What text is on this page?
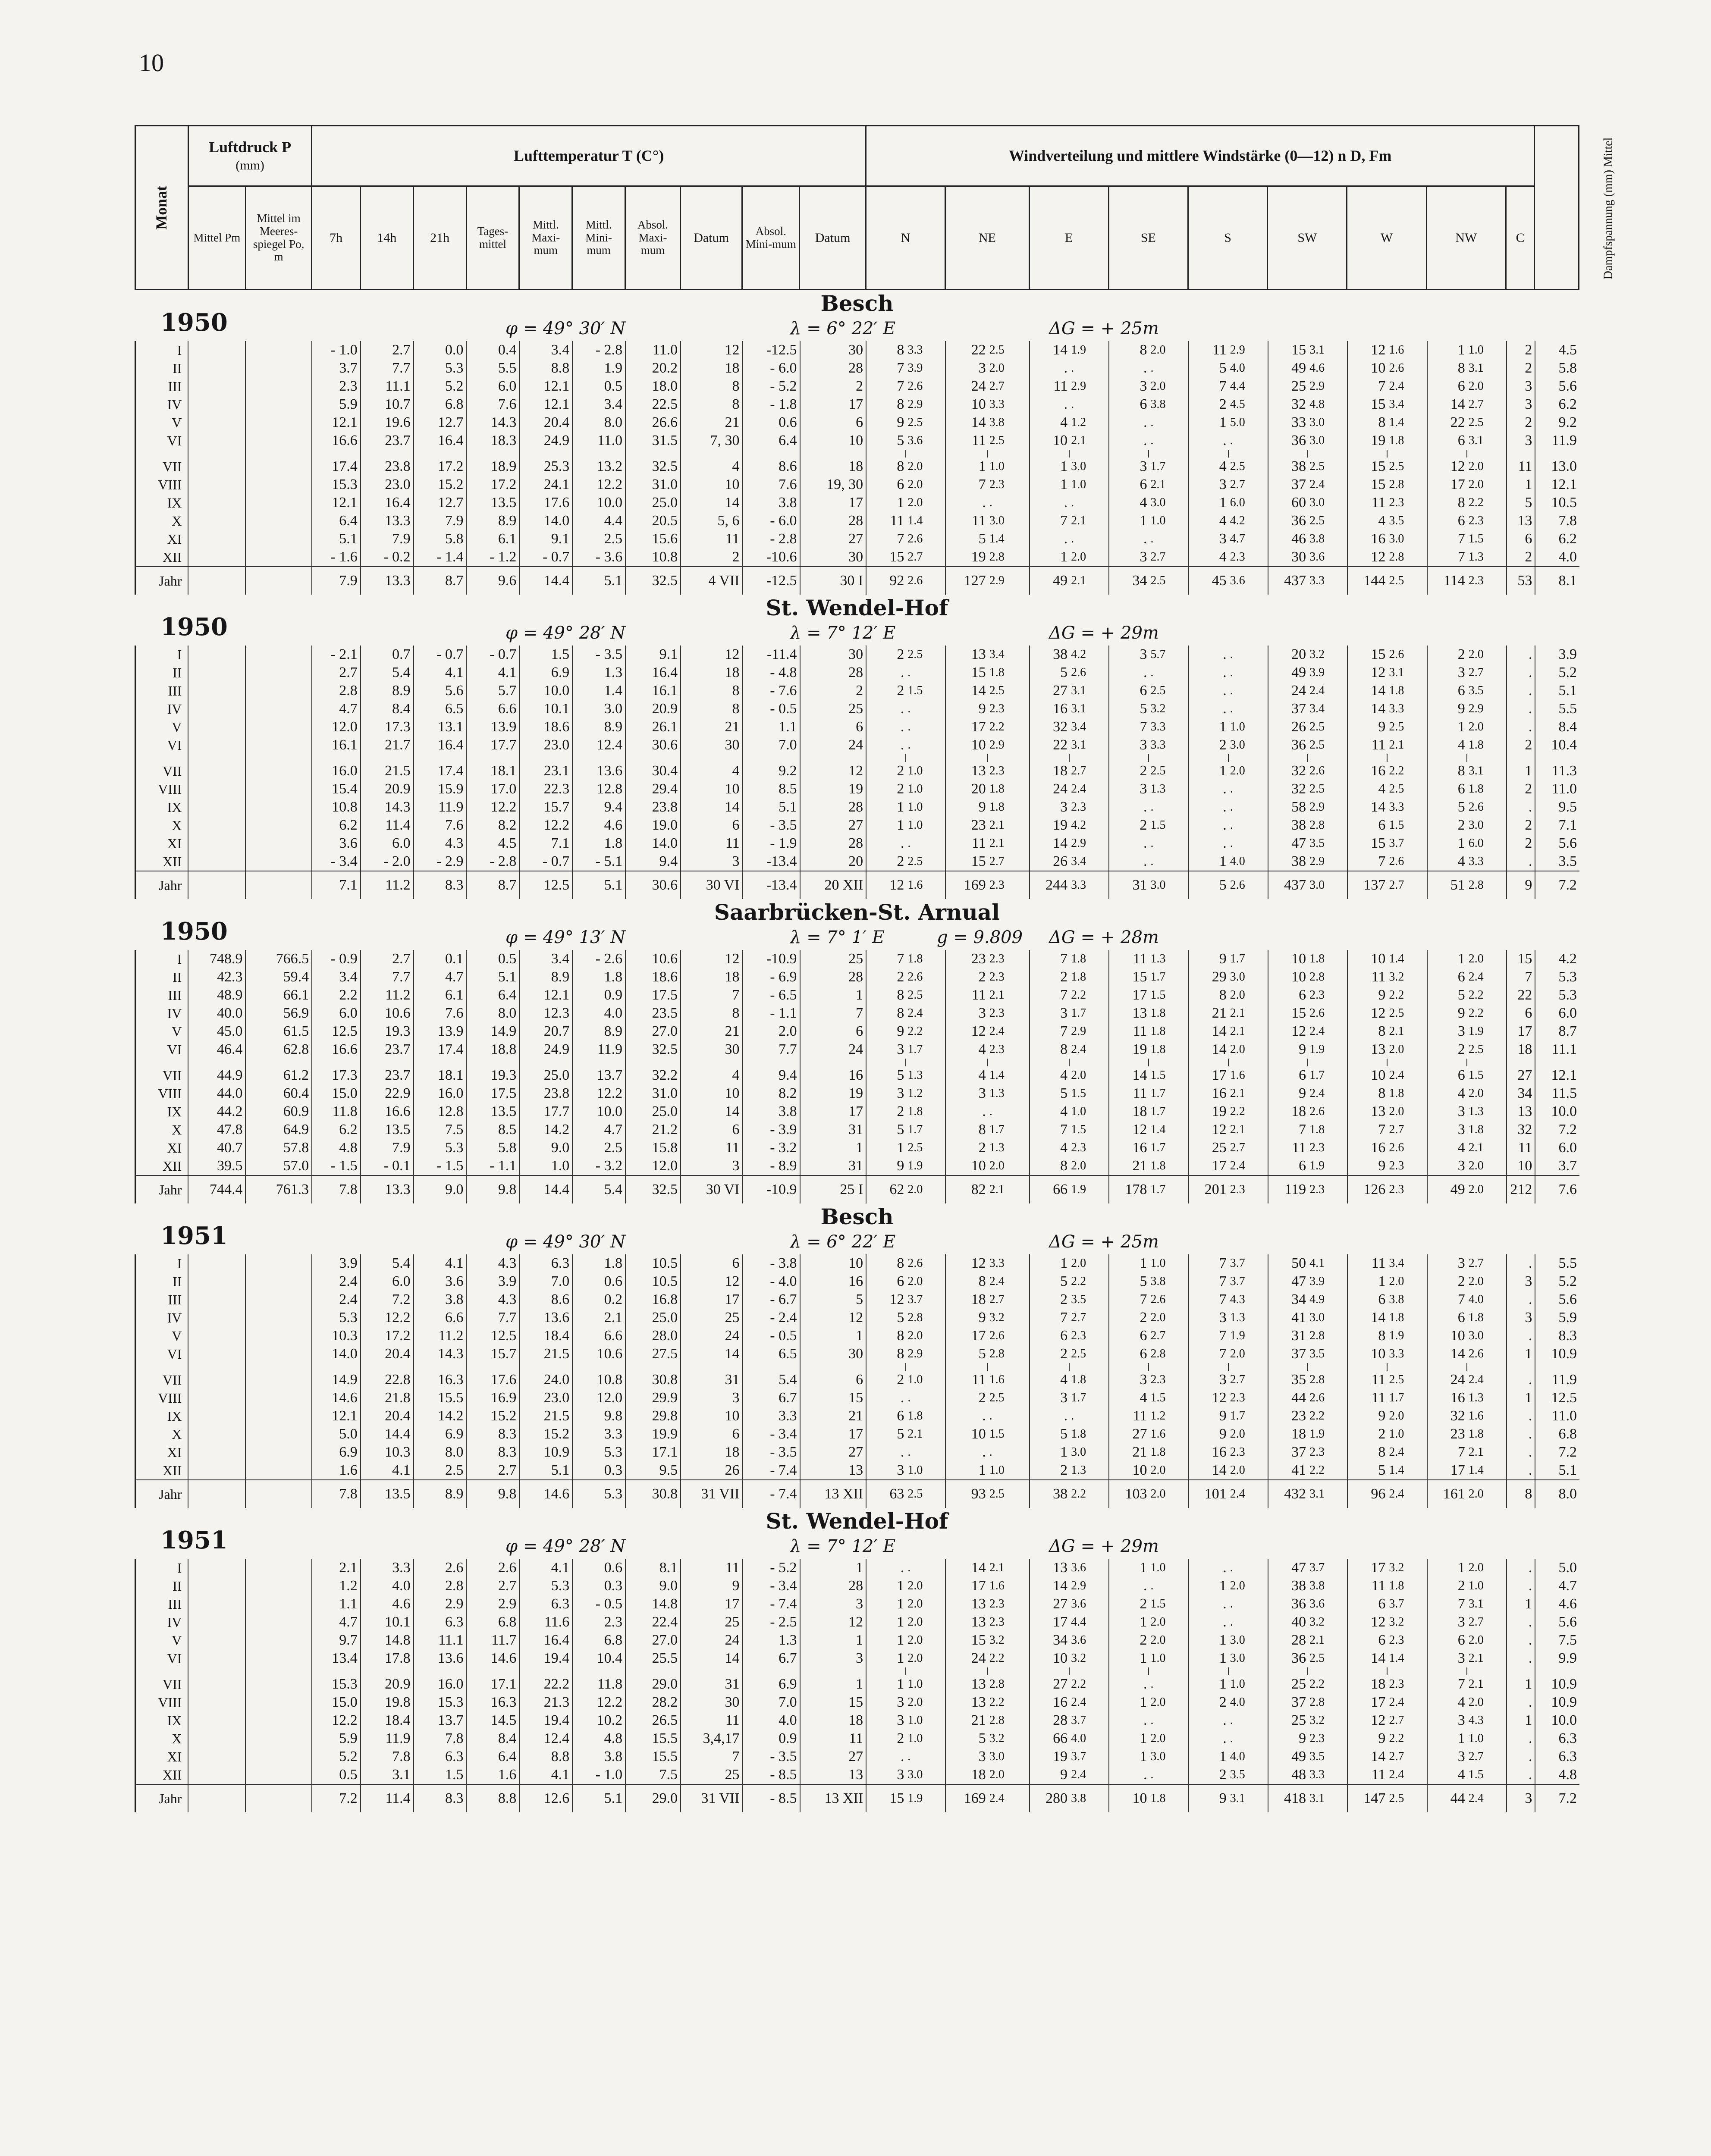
10
Monat	Luftdruck P
(mm)		Lufttemperatur T (C°)										Windverteilung und mittlere Windstärke (0—12) n D, Fm									Dampfspannung (mm) Mittel
	Mittel Pm	Mittel im Meeres-spiegel Po, m	7h	14h	21h	Tages-mittel	Mittl. Maxi-mum	Mittl. Mini-mum	Absol. Maxi-mum	Datum	Absol. Mini-mum	Datum	N	NE	E	SE	S	SW	W	NW	C	
Besch
1950	φ = 49° 30′ N	λ = 6° 22′ E	ΔG = + 25m
I			- 1.0	2.7	0.0	0.4	3.4	- 2.8	11.0	12	-12.5	30	8	3.3	22	2.5	14	1.9	8	2.0	11	2.9	15	3.1	12	1.6	1	1.0	2	4.5
II			3.7	7.7	5.3	5.5	8.8	1.9	20.2	18	- 6.0	28	7	3.9	3	2.0	.	.	.	.	5	4.0	49	4.6	10	2.6	8	3.1	2	5.8
III			2.3	11.1	5.2	6.0	12.1	0.5	18.0	8	- 5.2	2	7	2.6	24	2.7	11	2.9	3	2.0	7	4.4	25	2.9	7	2.4	6	2.0	3	5.6
IV			5.9	10.7	6.8	7.6	12.1	3.4	22.5	8	- 1.8	17	8	2.9	10	3.3	.	.	6	3.8	2	4.5	32	4.8	15	3.4	14	2.7	3	6.2
V			12.1	19.6	12.7	14.3	20.4	8.0	26.6	21	0.6	6	9	2.5	14	3.8	4	1.2	.	.	1	5.0	33	3.0	8	1.4	22	2.5	2	9.2
VI			16.6	23.7	16.4	18.3	24.9	11.0	31.5	7, 30	6.4	10	5	3.6	11	2.5	10	2.1	.	.	.	.	36	3.0	19	1.8	6	3.1	3	11.9

VII			17.4	23.8	17.2	18.9	25.3	13.2	32.5	4	8.6	18	8	2.0	1	1.0	1	3.0	3	1.7	4	2.5	38	2.5	15	2.5	12	2.0	11	13.0
VIII			15.3	23.0	15.2	17.2	24.1	12.2	31.0	10	7.6	19, 30	6	2.0	7	2.3	1	1.0	6	2.1	3	2.7	37	2.4	15	2.8	17	2.0	1	12.1
IX			12.1	16.4	12.7	13.5	17.6	10.0	25.0	14	3.8	17	1	2.0	.	.	.	.	4	3.0	1	6.0	60	3.0	11	2.3	8	2.2	5	10.5
X			6.4	13.3	7.9	8.9	14.0	4.4	20.5	5, 6	- 6.0	28	11	1.4	11	3.0	7	2.1	1	1.0	4	4.2	36	2.5	4	3.5	6	2.3	13	7.8
XI			5.1	7.9	5.8	6.1	9.1	2.5	15.6	11	- 2.8	27	7	2.6	5	1.4	.	.	.	.	3	4.7	46	3.8	16	3.0	7	1.5	6	6.2
XII			- 1.6	- 0.2	- 1.4	- 1.2	- 0.7	- 3.6	10.8	2	-10.6	30	15	2.7	19	2.8	1	2.0	3	2.7	4	2.3	30	3.6	12	2.8	7	1.3	2	4.0
Jahr			7.9	13.3	8.7	9.6	14.4	5.1	32.5	4 VII	-12.5	30 I	92	2.6	127	2.9	49	2.1	34	2.5	45	3.6	437	3.3	144	2.5	114	2.3	53	8.1
St. Wendel-Hof
1950	φ = 49° 28′ N	λ = 7° 12′ E	ΔG = + 29m
I			- 2.1	0.7	- 0.7	- 0.7	1.5	- 3.5	9.1	12	-11.4	30	2	2.5	13	3.4	38	4.2	3	5.7	.	.	20	3.2	15	2.6	2	2.0	.	3.9
II			2.7	5.4	4.1	4.1	6.9	1.3	16.4	18	- 4.8	28	.	.	15	1.8	5	2.6	.	.	.	.	49	3.9	12	3.1	3	2.7	.	5.2
III			2.8	8.9	5.6	5.7	10.0	1.4	16.1	8	- 7.6	2	2	1.5	14	2.5	27	3.1	6	2.5	.	.	24	2.4	14	1.8	6	3.5	.	5.1
IV			4.7	8.4	6.5	6.6	10.1	3.0	20.9	8	- 0.5	25	.	.	9	2.3	16	3.1	5	3.2	.	.	37	3.4	14	3.3	9	2.9	.	5.5
V			12.0	17.3	13.1	13.9	18.6	8.9	26.1	21	1.1	6	.	.	17	2.2	32	3.4	7	3.3	1	1.0	26	2.5	9	2.5	1	2.0	.	8.4
VI			16.1	21.7	16.4	17.7	23.0	12.4	30.6	30	7.0	24	.	.	10	2.9	22	3.1	3	3.3	2	3.0	36	2.5	11	2.1	4	1.8	2	10.4

VII			16.0	21.5	17.4	18.1	23.1	13.6	30.4	4	9.2	12	2	1.0	13	2.3	18	2.7	2	2.5	1	2.0	32	2.6	16	2.2	8	3.1	1	11.3
VIII			15.4	20.9	15.9	17.0	22.3	12.8	29.4	10	8.5	19	2	1.0	20	1.8	24	2.4	3	1.3	.	.	32	2.5	4	2.5	6	1.8	2	11.0
IX			10.8	14.3	11.9	12.2	15.7	9.4	23.8	14	5.1	28	1	1.0	9	1.8	3	2.3	.	.	.	.	58	2.9	14	3.3	5	2.6	.	9.5
X			6.2	11.4	7.6	8.2	12.2	4.6	19.0	6	- 3.5	27	1	1.0	23	2.1	19	4.2	2	1.5	.	.	38	2.8	6	1.5	2	3.0	2	7.1
XI			3.6	6.0	4.3	4.5	7.1	1.8	14.0	11	- 1.9	28	.	.	11	2.1	14	2.9	.	.	.	.	47	3.5	15	3.7	1	6.0	2	5.6
XII			- 3.4	- 2.0	- 2.9	- 2.8	- 0.7	- 5.1	9.4	3	-13.4	20	2	2.5	15	2.7	26	3.4	.	.	1	4.0	38	2.9	7	2.6	4	3.3	.	3.5
Jahr			7.1	11.2	8.3	8.7	12.5	5.1	30.6	30 VI	-13.4	20 XII	12	1.6	169	2.3	244	3.3	31	3.0	5	2.6	437	3.0	137	2.7	51	2.8	9	7.2
Saarbrücken-St. Arnual
1950	φ = 49° 13′ N	λ = 7° 1′ E	g = 9.809 ΔG = + 28m
I	748.9	766.5	- 0.9	2.7	0.1	0.5	3.4	- 2.6	10.6	12	-10.9	25	7	1.8	23	2.3	7	1.8	11	1.3	9	1.7	10	1.8	10	1.4	1	2.0	15	4.2
II	42.3	59.4	3.4	7.7	4.7	5.1	8.9	1.8	18.6	18	- 6.9	28	2	2.6	2	2.3	2	1.8	15	1.7	29	3.0	10	2.8	11	3.2	6	2.4	7	5.3
III	48.9	66.1	2.2	11.2	6.1	6.4	12.1	0.9	17.5	7	- 6.5	1	8	2.5	11	2.1	7	2.2	17	1.5	8	2.0	6	2.3	9	2.2	5	2.2	22	5.3
IV	40.0	56.9	6.0	10.6	7.6	8.0	12.3	4.0	23.5	8	- 1.1	7	8	2.4	3	2.3	3	1.7	13	1.8	21	2.1	15	2.6	12	2.5	9	2.2	6	6.0
V	45.0	61.5	12.5	19.3	13.9	14.9	20.7	8.9	27.0	21	2.0	6	9	2.2	12	2.4	7	2.9	11	1.8	14	2.1	12	2.4	8	2.1	3	1.9	17	8.7
VI	46.4	62.8	16.6	23.7	17.4	18.8	24.9	11.9	32.5	30	7.7	24	3	1.7	4	2.3	8	2.4	19	1.8	14	2.0	9	1.9	13	2.0	2	2.5	18	11.1

VII	44.9	61.2	17.3	23.7	18.1	19.3	25.0	13.7	32.2	4	9.4	16	5	1.3	4	1.4	4	2.0	14	1.5	17	1.6	6	1.7	10	2.4	6	1.5	27	12.1
VIII	44.0	60.4	15.0	22.9	16.0	17.5	23.8	12.2	31.0	10	8.2	19	3	1.2	3	1.3	5	1.5	11	1.7	16	2.1	9	2.4	8	1.8	4	2.0	34	11.5
IX	44.2	60.9	11.8	16.6	12.8	13.5	17.7	10.0	25.0	14	3.8	17	2	1.8	.	.	4	1.0	18	1.7	19	2.2	18	2.6	13	2.0	3	1.3	13	10.0
X	47.8	64.9	6.2	13.5	7.5	8.5	14.2	4.7	21.2	6	- 3.9	31	5	1.7	8	1.7	7	1.5	12	1.4	12	2.1	7	1.8	7	2.7	3	1.8	32	7.2
XI	40.7	57.8	4.8	7.9	5.3	5.8	9.0	2.5	15.8	11	- 3.2	1	1	2.5	2	1.3	4	2.3	16	1.7	25	2.7	11	2.3	16	2.6	4	2.1	11	6.0
XII	39.5	57.0	- 1.5	- 0.1	- 1.5	- 1.1	1.0	- 3.2	12.0	3	- 8.9	31	9	1.9	10	2.0	8	2.0	21	1.8	17	2.4	6	1.9	9	2.3	3	2.0	10	3.7
Jahr	744.4	761.3	7.8	13.3	9.0	9.8	14.4	5.4	32.5	30 VI	-10.9	25 I	62	2.0	82	2.1	66	1.9	178	1.7	201	2.3	119	2.3	126	2.3	49	2.0	212	7.6
Besch
1951	φ = 49° 30′ N	λ = 6° 22′ E	ΔG = + 25m
I			3.9	5.4	4.1	4.3	6.3	1.8	10.5	6	- 3.8	10	8	2.6	12	3.3	1	2.0	1	1.0	7	3.7	50	4.1	11	3.4	3	2.7	.	5.5
II			2.4	6.0	3.6	3.9	7.0	0.6	10.5	12	- 4.0	16	6	2.0	8	2.4	5	2.2	5	3.8	7	3.7	47	3.9	1	2.0	2	2.0	3	5.2
III			2.4	7.2	3.8	4.3	8.6	0.2	16.8	17	- 6.7	5	12	3.7	18	2.7	2	3.5	7	2.6	7	4.3	34	4.9	6	3.8	7	4.0	.	5.6
IV			5.3	12.2	6.6	7.7	13.6	2.1	25.0	25	- 2.4	12	5	2.8	9	3.2	7	2.7	2	2.0	3	1.3	41	3.0	14	1.8	6	1.8	3	5.9
V			10.3	17.2	11.2	12.5	18.4	6.6	28.0	24	- 0.5	1	8	2.0	17	2.6	6	2.3	6	2.7	7	1.9	31	2.8	8	1.9	10	3.0	.	8.3
VI			14.0	20.4	14.3	15.7	21.5	10.6	27.5	14	6.5	30	8	2.9	5	2.8	2	2.5	6	2.8	7	2.0	37	3.5	10	3.3	14	2.6	1	10.9

VII			14.9	22.8	16.3	17.6	24.0	10.8	30.8	31	5.4	6	2	1.0	11	1.6	4	1.8	3	2.3	3	2.7	35	2.8	11	2.5	24	2.4	.	11.9
VIII			14.6	21.8	15.5	16.9	23.0	12.0	29.9	3	6.7	15	.	.	2	2.5	3	1.7	4	1.5	12	2.3	44	2.6	11	1.7	16	1.3	1	12.5
IX			12.1	20.4	14.2	15.2	21.5	9.8	29.8	10	3.3	21	6	1.8	.	.	.	.	11	1.2	9	1.7	23	2.2	9	2.0	32	1.6	.	11.0
X			5.0	14.4	6.9	8.3	15.2	3.3	19.9	6	- 3.4	17	5	2.1	10	1.5	5	1.8	27	1.6	9	2.0	18	1.9	2	1.0	23	1.8	.	6.8
XI			6.9	10.3	8.0	8.3	10.9	5.3	17.1	18	- 3.5	27	.	.	.	.	1	3.0	21	1.8	16	2.3	37	2.3	8	2.4	7	2.1	.	7.2
XII			1.6	4.1	2.5	2.7	5.1	0.3	9.5	26	- 7.4	13	3	1.0	1	1.0	2	1.3	10	2.0	14	2.0	41	2.2	5	1.4	17	1.4	.	5.1
Jahr			7.8	13.5	8.9	9.8	14.6	5.3	30.8	31 VII	- 7.4	13 XII	63	2.5	93	2.5	38	2.2	103	2.0	101	2.4	432	3.1	96	2.4	161	2.0	8	8.0
St. Wendel-Hof
1951	φ = 49° 28′ N	λ = 7° 12′ E	ΔG = + 29m
I			2.1	3.3	2.6	2.6	4.1	0.6	8.1	11	- 5.2	1	.	.	14	2.1	13	3.6	1	1.0	.	.	47	3.7	17	3.2	1	2.0	.	5.0
II			1.2	4.0	2.8	2.7	5.3	0.3	9.0	9	- 3.4	28	1	2.0	17	1.6	14	2.9	.	.	1	2.0	38	3.8	11	1.8	2	1.0	.	4.7
III			1.1	4.6	2.9	2.9	6.3	- 0.5	14.8	17	- 7.4	3	1	2.0	13	2.3	27	3.6	2	1.5	.	.	36	3.6	6	3.7	7	3.1	1	4.6
IV			4.7	10.1	6.3	6.8	11.6	2.3	22.4	25	- 2.5	12	1	2.0	13	2.3	17	4.4	1	2.0	.	.	40	3.2	12	3.2	3	2.7	.	5.6
V			9.7	14.8	11.1	11.7	16.4	6.8	27.0	24	1.3	1	1	2.0	15	3.2	34	3.6	2	2.0	1	3.0	28	2.1	6	2.3	6	2.0	.	7.5
VI			13.4	17.8	13.6	14.6	19.4	10.4	25.5	14	6.7	3	1	2.0	24	2.2	10	3.2	1	1.0	1	3.0	36	2.5	14	1.4	3	2.1	.	9.9

VII			15.3	20.9	16.0	17.1	22.2	11.8	29.0	31	6.9	1	1	1.0	13	2.8	27	2.2	.	.	1	1.0	25	2.2	18	2.3	7	2.1	1	10.9
VIII			15.0	19.8	15.3	16.3	21.3	12.2	28.2	30	7.0	15	3	2.0	13	2.2	16	2.4	1	2.0	2	4.0	37	2.8	17	2.4	4	2.0	.	10.9
IX			12.2	18.4	13.7	14.5	19.4	10.2	26.5	11	4.0	18	3	1.0	21	2.8	28	3.7	.	.	.	.	25	3.2	12	2.7	3	4.3	1	10.0
X			5.9	11.9	7.8	8.4	12.4	4.8	15.5	3,4,17	0.9	11	2	1.0	5	3.2	66	4.0	1	2.0	.	.	9	2.3	9	2.2	1	1.0	.	6.3
XI			5.2	7.8	6.3	6.4	8.8	3.8	15.5	7	- 3.5	27	.	.	3	3.0	19	3.7	1	3.0	1	4.0	49	3.5	14	2.7	3	2.7	.	6.3
XII			0.5	3.1	1.5	1.6	4.1	- 1.0	7.5	25	- 8.5	13	3	3.0	18	2.0	9	2.4	.	.	2	3.5	48	3.3	11	2.4	4	1.5	.	4.8
Jahr			7.2	11.4	8.3	8.8	12.6	5.1	29.0	31 VII	- 8.5	13 XII	15	1.9	169	2.4	280	3.8	10	1.8	9	3.1	418	3.1	147	2.5	44	2.4	3	7.2
